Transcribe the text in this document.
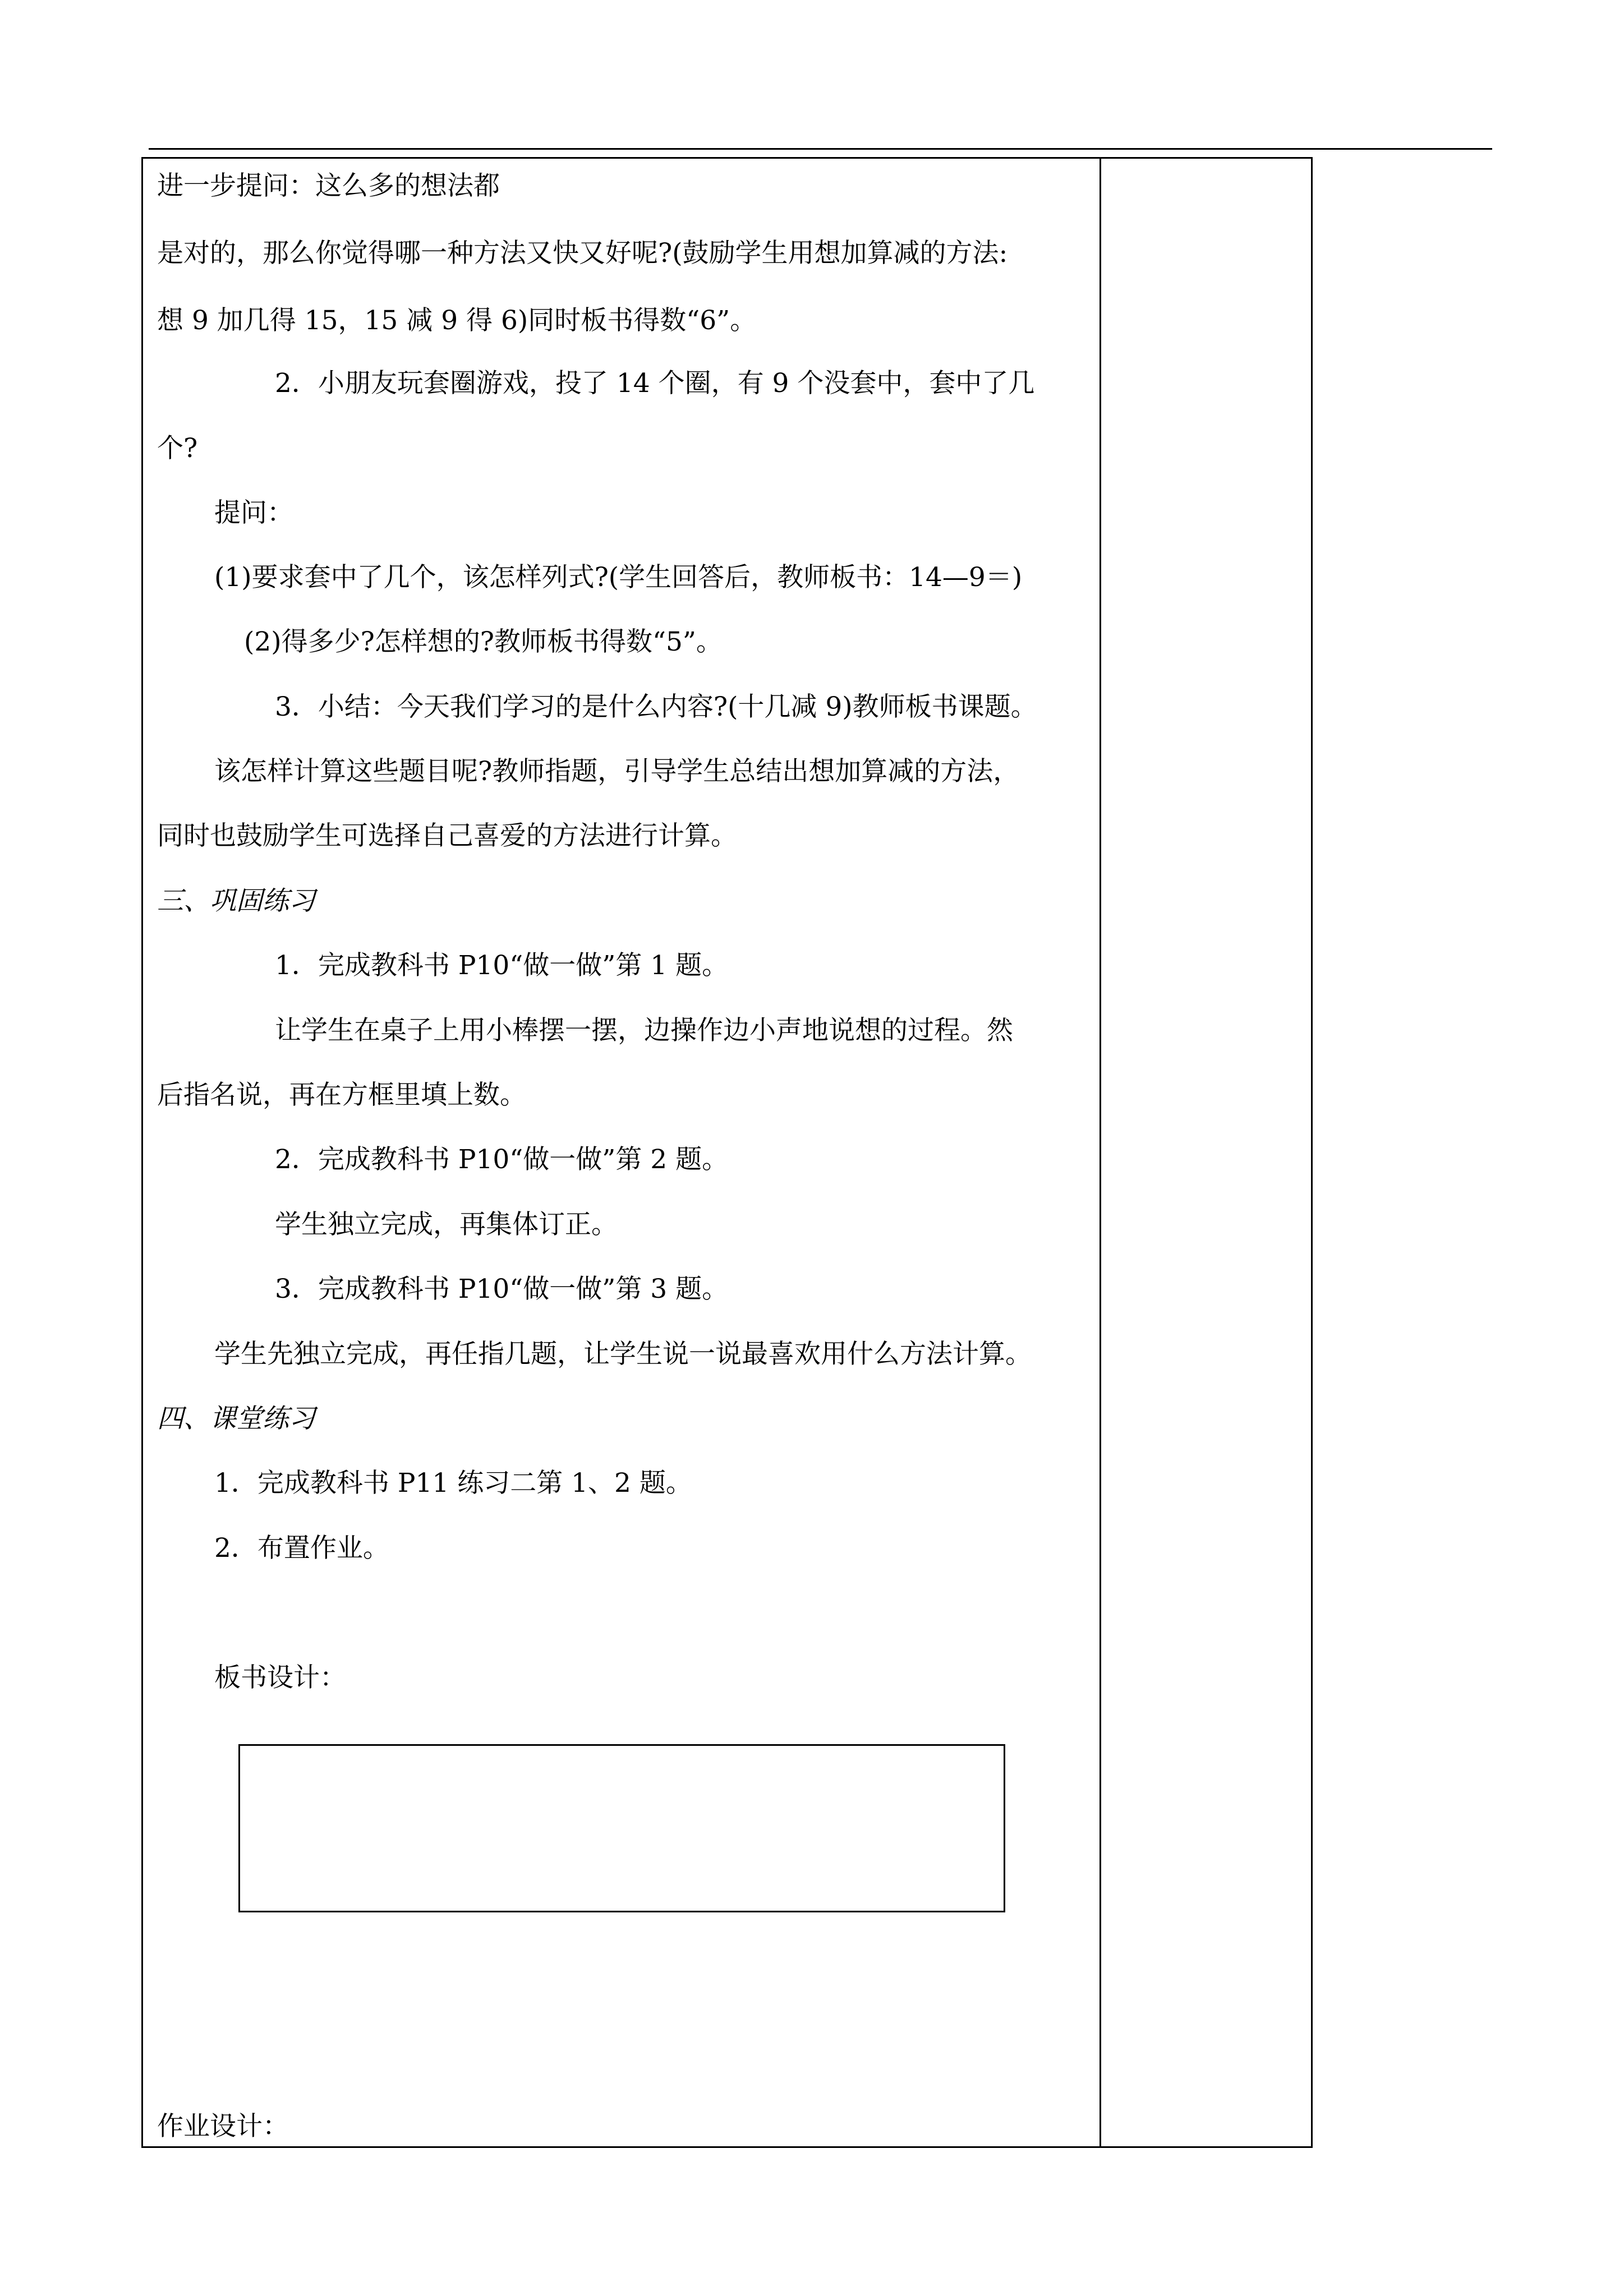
进一步提问：这么多的想法都
是对的，那么你觉得哪一种方法又快又好呢?(鼓励学生用想加算减的方法:
想 9 加几得 15，15 减 9 得 6)同时板书得数“6”。
2．小朋友玩套圈游戏，投了 14 个圈，有 9 个没套中，套中了几
个?
提问：
(1)要求套中了几个，该怎样列式?(学生回答后，教师板书：14—9＝)
(2)得多少?怎样想的?教师板书得数“5”。
3．小结：今天我们学习的是什么内容?(十几减 9)教师板书课题。
该怎样计算这些题目呢?教师指题，引导学生总结出想加算减的方法，
同时也鼓励学生可选择自己喜爱的方法进行计算。
三、巩固练习
1．完成教科书 P10“做一做”第 1 题。
让学生在桌子上用小棒摆一摆，边操作边小声地说想的过程。然
后指名说，再在方框里填上数。
2．完成教科书 P10“做一做”第 2 题。
学生独立完成，再集体订正。
3．完成教科书 P10“做一做”第 3 题。
学生先独立完成，再任指几题，让学生说一说最喜欢用什么方法计算。
四、课堂练习
1．完成教科书 P11 练习二第 1、2 题。
2．布置作业。
板书设计：
作业设计：
